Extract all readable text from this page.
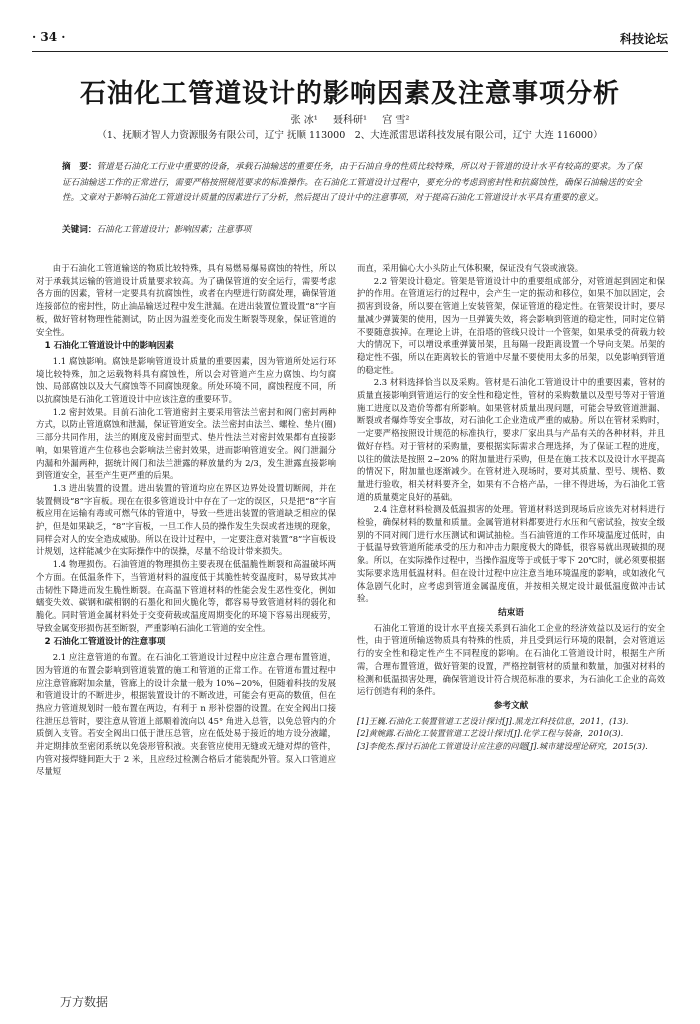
· 34 ·	科技论坛
石油化工管道设计的影响因素及注意事项分析
张 冰¹ 聂科研¹ 宫 雪²
（1、抚顺才智人力资源服务有限公司，辽宁 抚顺 113000　2、大连派雷思诺科技发展有限公司，辽宁 大连 116000）
摘　要：管道是石油化工行业中重要的设备，承载石油输送的重要任务，由于石油自身的性质比较特殊，所以对于管道的设计水平有较高的要求。为了保证石油输送工作的正常进行，需要严格按照规范要求的标准操作。在石油化工管道设计过程中，要充分的考虑到密封性和抗腐蚀性，确保石油输送的安全性。文章对于影响石油化工管道设计质量的因素进行了分析，然后提出了设计中的注意事项，对于提高石油化工管道设计水平具有重要的意义。
关键词：石油化工管道设计；影响因素；注意事项

由于石油化工管道输送的物质比较特殊，具有易燃易爆易腐蚀的特性，所以对于承载其运输的管道设计质量要求较高。为了确保管道的安全运行，需要考虑各方面的因素，管材一定要具有抗腐蚀性，或者在内壁进行防腐处理，确保管道连接部位的密封性，防止油品输送过程中发生泄漏。在进出装置位置设置“8”字盲板，做好管材物理性能测试，防止因为温差变化而发生断裂等现象，保证管道的安全性。

1 石油化工管道设计中的影响因素

1.1 腐蚀影响。腐蚀是影响管道设计质量的重要因素，因为管道所处运行环境比较特殊，加之运载物料具有腐蚀性，所以会对管道产生应力腐蚀、均匀腐蚀、局部腐蚀以及大气腐蚀等不同腐蚀现象。所处环境不同，腐蚀程度不同，所以抗腐蚀是石油化工管道设计中应该注意的重要环节。

1.2 密封效果。目前石油化工管道密封主要采用管法兰密封和阀门密封两种方式，以防止管道腐蚀和泄漏，保证管道安全。法兰密封由法兰、螺栓、垫片(圈)三部分共同作用，法兰的刚度及密封面型式、垫片性法兰对密封效果都有直接影响，如果管道产生位移也会影响法兰密封效果，进而影响管道安全。阀门泄漏分内漏和外漏两种，据统计阀门和法兰泄露的释放量约为 2/3，发生泄露直接影响到管道安全，甚至产生更严重的后果。

1.3 进出装置的设置。进出装置的管道均应在界区边界处设置切断阀，并在装置侧设“8”字盲板。现在在很多管道设计中存在了一定的误区，只是把“8”字盲板应用在运输有毒或可燃气体的管道中，导致一些进出装置的管道缺乏相应的保护，但是如果缺乏，“8”字盲板，一旦工作人员的操作发生失误或者违规的现象，同样会对人的安全造成威胁。所以在设计过程中，一定要注意对装置“8”字盲板设计规划，这样能减少在实际操作中的误操，尽量不给设计带来损失。

1.4 物理损伤。石油管道的物理损伤主要表现在低温脆性断裂和高温破坏两个方面。在低温条件下，当管道材料的温度低于其脆性转变温度时，易导致其冲击韧性下降进而发生脆性断裂。在高温下管道材料的性能会发生恶性变化，例如蠕变失效、碳钢和碳相钢的石墨化和回火脆化等，都容易导致管道材料的弱化和脆化。同时管道金属材料处于交变荷载或温度周期变化的环境下容易出现疲劳，导致金属变形损伤甚至断裂，严重影响石油化工管道的安全性。

2 石油化工管道设计的注意事项

2.1 应注意管道的布置。在石油化工管道设计过程中应注意合理布置管道，因为管道的布置会影响到管道装置的施工和管道的正常工作。在管道布置过程中应注意管廊附加余量，管廊上的设计余量一般为 10%~20%，但随着科技的发展和管道设计的不断进步，根据装置设计的不断改进，可能会有更高的数值，但在热应力管道规划时一般布置在两边，有利于 n 形补偿器的设置。在安全阀出口接往泄压总管时，要注意从管道上部顺着流向以 45° 角进入总管，以免总管内的介质倒入支管。若安全阀出口低于泄压总管，应在低处易于接近的地方设分液罐，并定期排放至密闭系统以免袋形管积液。夹套管应使用无缝或无缝对焊的管件，内管对接焊缝间距大于 2 米，且应经过检测合格后才能装配外管。泵入口管道应尽量短

而直，采用偏心大小头防止气体积聚，保证没有气袋或液袋。

2.2 管架设计稳定。管架是管道设计中的重要组成部分，对管道起到固定和保护的作用。在管道运行的过程中，会产生一定的振动和移位，如果不加以固定，会损害到设备，所以要在管道上安装管架，保证管道的稳定性。在管架设计时，要尽量减少弹簧架的使用，因为一旦弹簧失效，将会影响到管道的稳定性，同时定位销不要随意拔掉。在理论上讲，在沿塔的管线只设计一个管架，如果承受的荷载力较大的情况下，可以增设承重弹簧吊架，且每隔一段距离设置一个导向支架。吊架的稳定性不强，所以在距离较长的管道中尽量不要使用太多的吊架，以免影响到管道的稳定性。

2.3 材料选择恰当以及采购。管材是石油化工管道设计中的重要因素，管材的质量直接影响到管道运行的安全性和稳定性，管材的采购数量以及型号等对于管道施工进度以及造价等都有所影响。如果管材质量出现问题，可能会导致管道泄漏、断裂或者爆炸等安全事故，对石油化工企业造成严重的威胁。所以在管材采购时，一定要严格按照设计规范的标准执行，要求厂家出具与产品有关的各种材料，并且做好存档。对于管材的采购量，要根据实际需求合理选择，为了保证工程的进度，以往的做法是按照 2~20% 的附加量进行采购，但是在施工技术以及设计水平提高的情况下，附加量也逐渐减少。在管材进入现场时，要对其质量、型号、规格、数量进行验收，相关材料要齐全，如果有不合格产品，一律不得进场，为石油化工管道的质量奠定良好的基础。

2.4 注意材料检测及低温损害的处理。管道材料送到现场后应该先对材料进行检验，确保材料的数量和质量。金属管道材料都要进行水压和气密试验，按安全级别的不同对阀门进行水压测试和调试抽检。当石油管道的工作环境温度过低时，由于低温导致管道所能承受的压力和冲击力限度极大的降低，很容易就出现破损的现象。所以，在实际操作过程中，当操作温度等于或低于零下 20℃时，就必须要根据实际要求选用低温材料。但在设计过程中应注意当地环境温度的影响，或如液化气体急剧气化时，应考虑到管道金属温度值，并按相关规定设计最低温度做冲击试验。

结束语

石油化工管道的设计水平直接关系到石油化工企业的经济效益以及运行的安全性，由于管道所输送物质具有特殊的性质，并且受到运行环境的限制，会对管道运行的安全性和稳定性产生不同程度的影响。在石油化工管道设计时，根据生产所需，合理布置管道，做好管架的设置，严格控制管材的质量和数量，加强对材料的检测和低温损害处理，确保管道设计符合规范标准的要求，为石油化工企业的高效运行创造有利的条件。

参考文献

[1]王巍.石油化工装置管道工艺设计探讨[J].黑龙江科技信息，2011，(13).

[2]黄婉露.石油化工装置管道工艺设计探讨[J].化学工程与装备，2010(3).

[3]李俊杰.探讨石油化工管道设计应注意的问题[J].城市建设理论研究，2015(3).

万方数据
